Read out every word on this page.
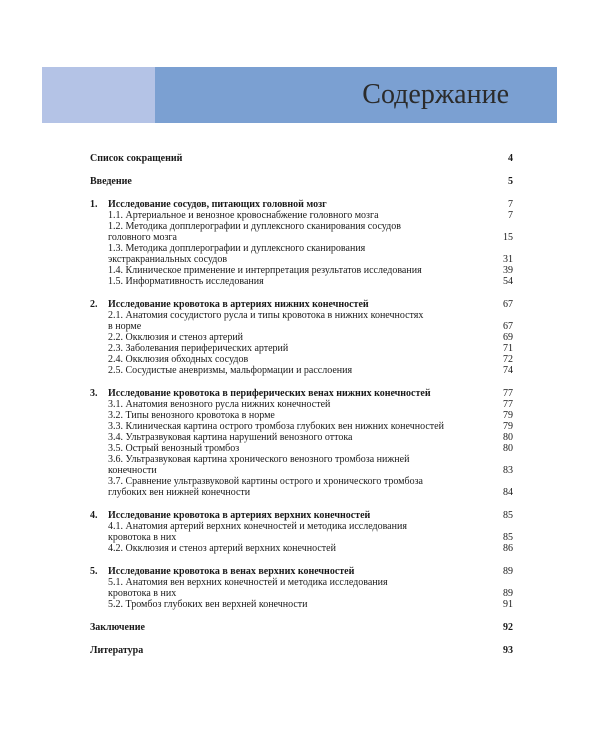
Содержание
Список сокращений	4
Введение	5
1.	Исследование сосудов, питающих головной мозг	7
1.1. Артериальное и венозное кровоснабжение головного мозга	7
1.2. Методика допплерографии и дуплексного сканирования сосудов
головного мозга	15
1.3. Методика допплерографии и дуплексного сканирования
экстракраниальных сосудов	31
1.4. Клиническое применение и интерпретация результатов исследования	39
1.5. Информативность исследования	54
2.	Исследование кровотока в артериях нижних конечностей	67
2.1. Анатомия сосудистого русла и типы кровотока в нижних конечностях
в норме	67
2.2. Окклюзия и стеноз артерий	69
2.3. Заболевания периферических артерий	71
2.4. Окклюзия обходных сосудов	72
2.5. Сосудистые аневризмы, мальформации и расслоения	74
3.	Исследование кровотока в периферических венах нижних конечностей	77
3.1. Анатомия венозного русла нижних конечностей	77
3.2. Типы венозного кровотока в норме	79
3.3. Клиническая картина острого тромбоза глубоких вен нижних конечностей	79
3.4. Ультразвуковая картина нарушений венозного оттока	80
3.5. Острый венозный тромбоз	80
3.6. Ультразвуковая картина хронического венозного тромбоза нижней
конечности	83
3.7. Сравнение ультразвуковой картины острого и хронического тромбоза
глубоких вен нижней конечности	84
4.	Исследование кровотока в артериях верхних конечностей	85
4.1. Анатомия артерий верхних конечностей и методика исследования
кровотока в них	85
4.2. Окклюзия и стеноз артерий верхних конечностей	86
5.	Исследование кровотока в венах верхних конечностей	89
5.1. Анатомия вен верхних конечностей и методика исследования
кровотока в них	89
5.2. Тромбоз глубоких вен верхней конечности	91
Заключение	92
Литература	93
